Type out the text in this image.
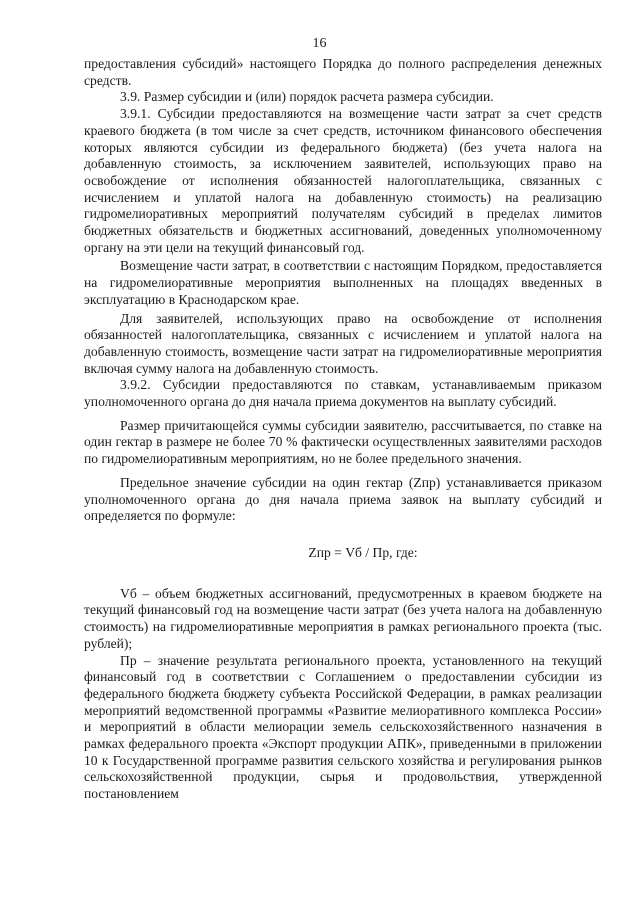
16

предоставления субсидий» настоящего Порядка до полного распределения денежных средств.

3.9. Размер субсидии и (или) порядок расчета размера субсидии.

3.9.1. Субсидии предоставляются на возмещение части затрат за счет средств краевого бюджета (в том числе за счет средств, источником финансового обеспечения которых являются субсидии из федерального бюджета) (без учета налога на добавленную стоимость, за исключением заявителей, использующих право на освобождение от исполнения обязанностей налогоплательщика, связанных с исчислением и уплатой налога на добавленную стоимость) на реализацию гидромелиоративных мероприятий получателям субсидий в пределах лимитов бюджетных обязательств и бюджетных ассигнований, доведенных уполномоченному органу на эти цели на текущий финансовый год.

Возмещение части затрат, в соответствии с настоящим Порядком, предоставляется на гидромелиоративные мероприятия выполненных на площадях введенных в эксплуатацию в Краснодарском крае.

Для заявителей, использующих право на освобождение от исполнения обязанностей налогоплательщика, связанных с исчислением и уплатой налога на добавленную стоимость, возмещение части затрат на гидромелиоративные мероприятия включая сумму налога на добавленную стоимость.

3.9.2. Субсидии предоставляются по ставкам, устанавливаемым приказом уполномоченного органа до дня начала приема документов на выплату субсидий.

Размер причитающейся суммы субсидии заявителю, рассчитывается, по ставке на один гектар в размере не более 70 % фактически осуществленных заявителями расходов по гидромелиоративным мероприятиям, но не более предельного значения.

Предельное значение субсидии на один гектар (Zпр) устанавливается приказом уполномоченного органа до дня начала приема заявок на выплату субсидий и определяется по формуле:

Zпр = Vб / Пр, где:

Vб – объем бюджетных ассигнований, предусмотренных в краевом бюджете на текущий финансовый год на возмещение части затрат (без учета налога на добавленную стоимость) на гидромелиоративные мероприятия в рамках регионального проекта (тыс. рублей);

Пр – значение результата регионального проекта, установленного на текущий финансовый год в соответствии с Соглашением о предоставлении субсидии из федерального бюджета бюджету субъекта Российской Федерации, в рамках реализации мероприятий ведомственной программы «Развитие мелиоративного комплекса России» и мероприятий в области мелиорации земель сельскохозяйственного назначения в рамках федерального проекта «Экспорт продукции АПК», приведенными в приложении 10 к Государственной программе развития сельского хозяйства и регулирования рынков сельскохозяйственной продукции, сырья и продовольствия, утвержденной постановлением
